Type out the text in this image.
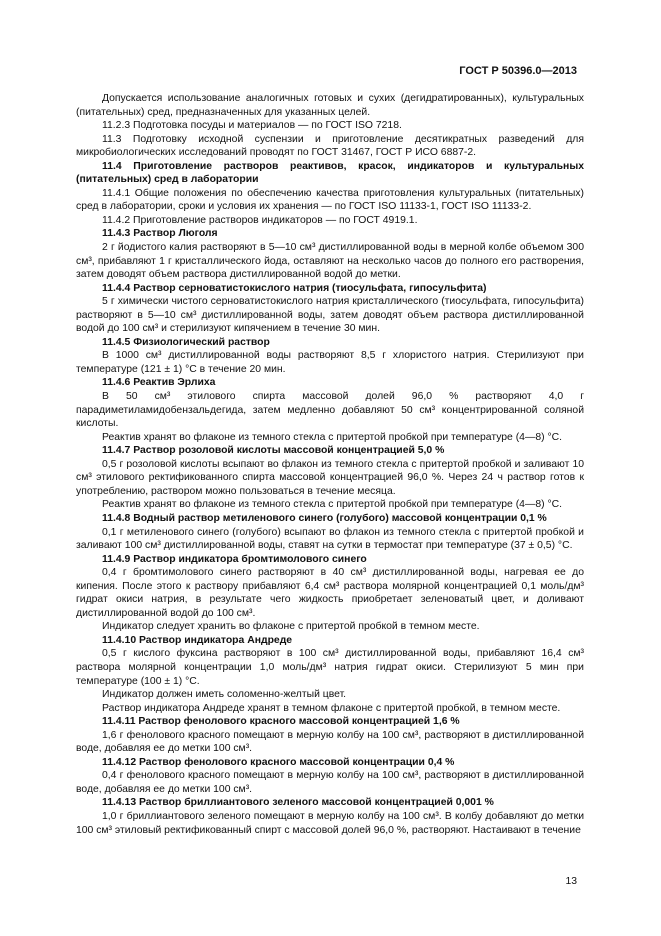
ГОСТ Р 50396.0—2013

Допускается использование аналогичных готовых и сухих (дегидратированных), культуральных (питательных) сред, предназначенных для указанных целей.

11.2.3 Подготовка посуды и материалов — по ГОСТ ISO 7218.

11.3 Подготовку исходной суспензии и приготовление десятикратных разведений для микробиологических исследований проводят по ГОСТ 31467, ГОСТ Р ИСО 6887-2.

11.4 Приготовление растворов реактивов, красок, индикаторов и культуральных (питательных) сред в лаборатории

11.4.1 Общие положения по обеспечению качества приготовления культуральных (питательных) сред в лаборатории, сроки и условия их хранения — по ГОСТ ISO 11133-1, ГОСТ ISO 11133-2.

11.4.2 Приготовление растворов индикаторов — по ГОСТ 4919.1.

11.4.3 Раствор Люголя

2 г йодистого калия растворяют в 5—10 см³ дистиллированной воды в мерной колбе объемом 300 см³, прибавляют 1 г кристаллического йода, оставляют на несколько часов до полного его растворения, затем доводят объем раствора дистиллированной водой до метки.

11.4.4 Раствор серноватистокислого натрия (тиосульфата, гипосульфита)

5 г химически чистого серноватистокислого натрия кристаллического (тиосульфата, гипосульфита) растворяют в 5—10 см³ дистиллированной воды, затем доводят объем раствора дистиллированной водой до 100 см³ и стерилизуют кипячением в течение 30 мин.

11.4.5 Физиологический раствор

В 1000 см³ дистиллированной воды растворяют 8,5 г хлористого натрия. Стерилизуют при температуре (121 ± 1) °С в течение 20 мин.

11.4.6 Реактив Эрлиха

В 50 см³ этилового спирта массовой долей 96,0 % растворяют 4,0 г парадиметиламидобензальдегида, затем медленно добавляют 50 см³ концентрированной соляной кислоты.

Реактив хранят во флаконе из темного стекла с притертой пробкой при температуре (4—8) °С.

11.4.7 Раствор розоловой кислоты массовой концентрацией 5,0 %

0,5 г розоловой кислоты всыпают во флакон из темного стекла с притертой пробкой и заливают 10 см³ этилового ректификованного спирта массовой концентрацией 96,0 %. Через 24 ч раствор готов к употреблению, раствором можно пользоваться в течение месяца.

Реактив хранят во флаконе из темного стекла с притертой пробкой при температуре (4—8) °С.

11.4.8 Водный раствор метиленового синего (голубого) массовой концентрации 0,1 %

0,1 г метиленового синего (голубого) всыпают во флакон из темного стекла с притертой пробкой и заливают 100 см³ дистиллированной воды, ставят на сутки в термостат при температуре (37 ± 0,5) °С.

11.4.9 Раствор индикатора бромтимолового синего

0,4 г бромтимолового синего растворяют в 40 см³ дистиллированной воды, нагревая ее до кипения. После этого к раствору прибавляют 6,4 см³ раствора молярной концентрацией 0,1 моль/дм³ гидрат окиси натрия, в результате чего жидкость приобретает зеленоватый цвет, и доливают дистиллированной водой до 100 см³.

Индикатор следует хранить во флаконе с притертой пробкой в темном месте.

11.4.10 Раствор индикатора Андреде

0,5 г кислого фуксина растворяют в 100 см³ дистиллированной воды, прибавляют 16,4 см³ раствора молярной концентрации 1,0 моль/дм³ натрия гидрат окиси. Стерилизуют 5 мин при температуре (100 ± 1) °С.

Индикатор должен иметь соломенно-желтый цвет.

Раствор индикатора Андреде хранят в темном флаконе с притертой пробкой, в темном месте.

11.4.11 Раствор фенолового красного массовой концентрацией 1,6 %

1,6 г фенолового красного помещают в мерную колбу на 100 см³, растворяют в дистиллированной воде, добавляя ее до метки 100 см³.

11.4.12 Раствор фенолового красного массовой концентрации 0,4 %

0,4 г фенолового красного помещают в мерную колбу на 100 см³, растворяют в дистиллированной воде, добавляя ее до метки 100 см³.

11.4.13 Раствор бриллиантового зеленого массовой концентрацией 0,001 %

1,0 г бриллиантового зеленого помещают в мерную колбу на 100 см³. В колбу добавляют до метки 100 см³ этиловый ректификованный спирт с массовой долей 96,0 %, растворяют. Настаивают в течение

13
